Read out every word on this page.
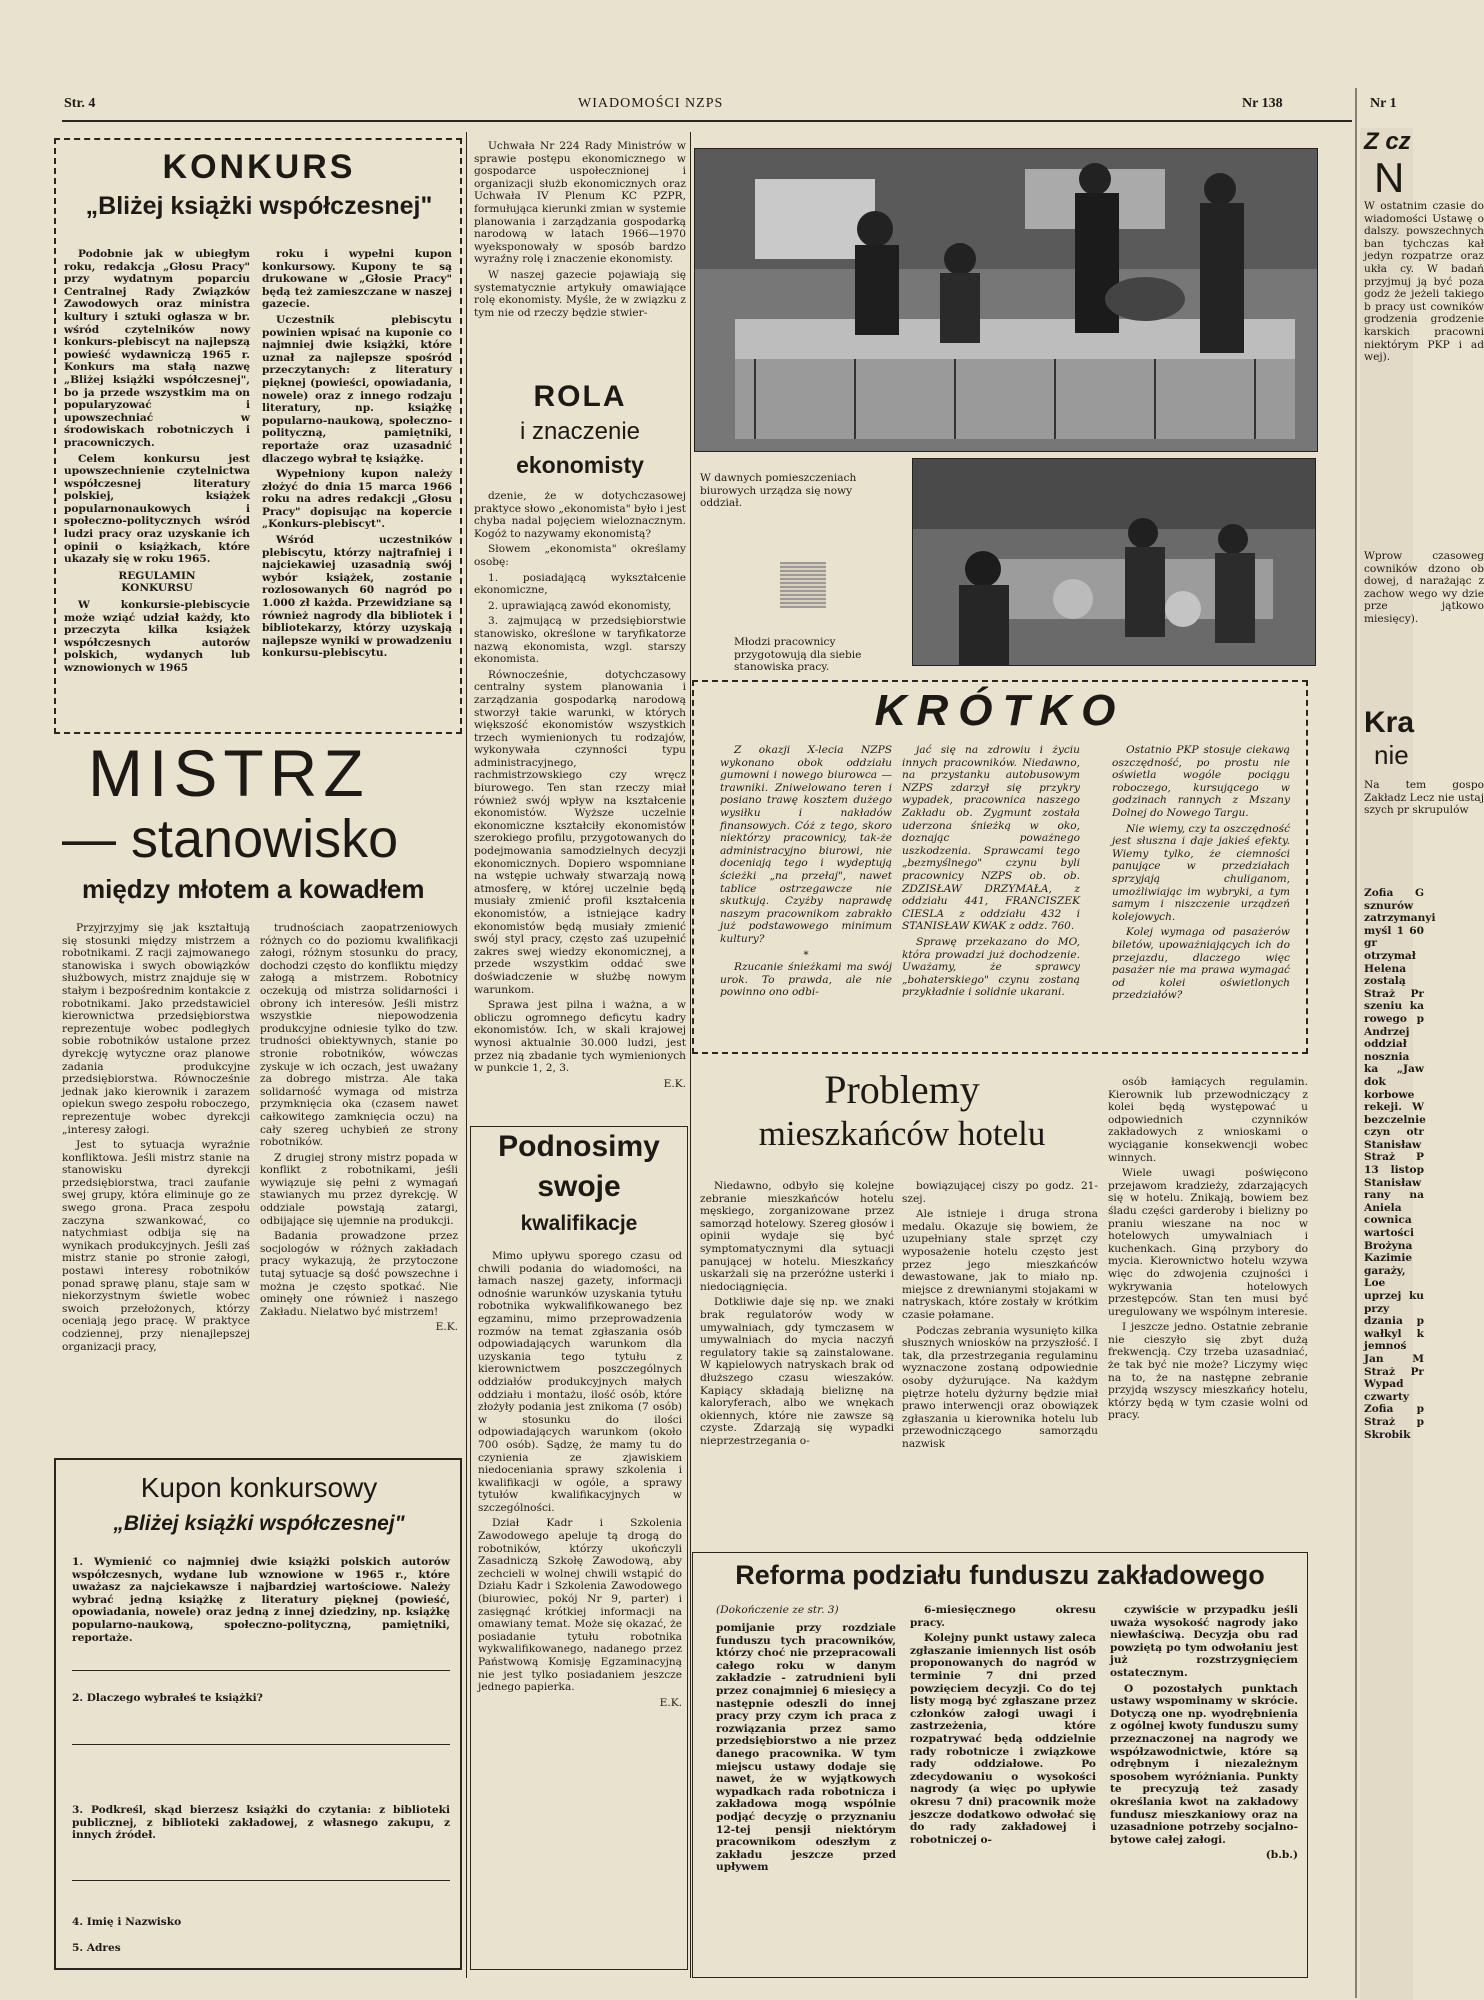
Str. 4	WIADOMOŚCI NZPS	Nr 138	Nr 1
KONKURS
„Bliżej książki współczesnej"

Podobnie jak w ubiegłym roku, redakcja „Głosu Pracy" przy wydatnym poparciu Centralnej Rady Związków Zawodowych oraz ministra kultury i sztuki ogłasza w br. wśród czytelników nowy konkurs-plebiscyt na najlepszą powieść wydawniczą 1965 r. Konkurs ma stałą nazwę „Bliżej książki współczesnej", bo ja przede wszystkim ma on popularyzować i upowszechniać w środowiskach robotniczych i pracowniczych.

Celem konkursu jest upowszechnienie czytelnictwa współczesnej literatury polskiej, książek popularnonaukowych i społeczno-politycznych wśród ludzi pracy oraz uzyskanie ich opinii o książkach, które ukazały się w roku 1965.

REGULAMIN KONKURSU

W konkursie-plebiscycie może wziąć udział każdy, kto przeczyta kilka książek współczesnych autorów polskich, wydanych lub wznowionych w 1965

roku i wypełni kupon konkursowy. Kupony te są drukowane w „Głosie Pracy" będą też zamieszczane w naszej gazecie.

Uczestnik plebiscytu powinien wpisać na kuponie co najmniej dwie książki, które uznał za najlepsze spośród przeczytanych: z literatury pięknej (powieści, opowiadania, nowele) oraz z innego rodzaju literatury, np. książkę popularno-naukową, społeczno-polityczną, pamiętniki, reportaże oraz uzasadnić dlaczego wybrał tę książkę.

Wypełniony kupon należy złożyć do dnia 15 marca 1966 roku na adres redakcji „Głosu Pracy" dopisując na kopercie „Konkurs-plebiscyt".

Wśród uczestników plebiscytu, którzy najtrafniej i najciekawiej uzasadnią swój wybór książek, zostanie rozlosowanych 60 nagród po 1.000 zł każda. Przewidziane są również nagrody dla bibliotek i bibliotekarzy, którzy uzyskają najlepsze wyniki w prowadzeniu konkursu-plebiscytu.

MISTRZ
— stanowisko
między młotem a kowadłem

Przyjrzyjmy się jak kształtują się stosunki między mistrzem a robotnikami. Z racji zajmowanego stanowiska i swych obowiązków służbowych, mistrz znajduje się w stałym i bezpośrednim kontakcie z robotnikami. Jako przedstawiciel kierownictwa przedsiębiorstwa reprezentuje wobec podległych sobie robotników ustalone przez dyrekcję wytyczne oraz planowe zadania produkcyjne przedsiębiorstwa. Równocześnie jednak jako kierownik i zarazem opiekun swego zespołu roboczego, reprezentuje wobec dyrekcji „interesy załogi.

Jest to sytuacja wyraźnie konfliktowa. Jeśli mistrz stanie na stanowisku dyrekcji przedsiębiorstwa, traci zaufanie swej grupy, która eliminuje go ze swego grona. Praca zespołu zaczyna szwankować, co natychmiast odbija się na wynikach produkcyjnych. Jeśli zaś mistrz stanie po stronie załogi, postawi interesy robotników ponad sprawę planu, staje sam w niekorzystnym świetle wobec swoich przełożonych, którzy oceniają jego pracę. W praktyce codziennej, przy nienajlepszej organizacji pracy,

trudnościach zaopatrzeniowych różnych co do poziomu kwalifikacji załogi, różnym stosunku do pracy, dochodzi często do konfliktu między załogą a mistrzem. Robotnicy oczekują od mistrza solidarności i obrony ich interesów. Jeśli mistrz wszystkie niepowodzenia produkcyjne odniesie tylko do tzw. trudności obiektywnych, stanie po stronie robotników, wówczas zyskuje w ich oczach, jest uważany za dobrego mistrza. Ale taka solidarność wymaga od mistrza przymknięcia oka (czasem nawet całkowitego zamknięcia oczu) na cały szereg uchybień ze strony robotników.

Z drugiej strony mistrz popada w konflikt z robotnikami, jeśli wywiązuje się pełni z wymagań stawianych mu przez dyrekcję. W oddziale powstają zatargi, odbijające się ujemnie na produkcji.

Badania prowadzone przez socjologów w różnych zakładach pracy wykazują, że przytoczone tutaj sytuacje są dość powszechne i można je często spotkać. Nie ominęły one również i naszego Zakładu. Nielatwo być mistrzem!

E.K.
Kupon konkursowy
„Bliżej książki współczesnej"
1. Wymienić co najmniej dwie książki polskich autorów współczesnych, wydane lub wznowione w 1965 r., które uważasz za najciekawsze i najbardziej wartościowe. Należy wybrać jedną książkę z literatury pięknej (powieść, opowiadania, nowele) oraz jedną z innej dziedziny, np. książkę popularno-naukową, społeczno-polityczną, pamiętniki, reportaże.
2. Dlaczego wybrałeś te książki?
3. Podkreśl, skąd bierzesz książki do czytania: z biblioteki publicznej, z biblioteki zakładowej, z własnego zakupu, z innych źródeł.
4. Imię i Nazwisko
5. Adres

Uchwała Nr 224 Rady Ministrów w sprawie postępu ekonomicznego w gospodarce uspołecznionej i organizacji służb ekonomicznych oraz Uchwała IV Plenum KC PZPR, formułująca kierunki zmian w systemie planowania i zarządzania gospodarką narodową w latach 1966—1970 wyeksponowały w sposób bardzo wyraźny rolę i znaczenie ekonomisty.

W naszej gazecie pojawiają się systematycznie artykuły omawiające rolę ekonomisty. Myśle, że w związku z tym nie od rzeczy będzie stwier-

ROLA
i znaczenie
ekonomisty

dzenie, że w dotychczasowej praktyce słowo „ekonomista" było i jest chyba nadal pojęciem wieloznacznym. Kogóż to nazywamy ekonomistą?

Słowem „ekonomista" określamy osobę:

1. posiadającą wykształcenie ekonomiczne,

2. uprawiającą zawód ekonomisty,

3. zajmującą w przedsiębiorstwie stanowisko, określone w taryfikatorze nazwą ekonomista, wzgl. starszy ekonomista.

Równocześnie, dotychczasowy centralny system planowania i zarządzania gospodarką narodową stworzył takie warunki, w których większość ekonomistów wszystkich trzech wymienionych tu rodzajów, wykonywała czynności typu administracyjnego, rachmistrzowskiego czy wręcz biurowego. Ten stan rzeczy miał również swój wpływ na kształcenie ekonomistów. Wyższe uczelnie ekonomiczne kształciły ekonomistów szerokiego profilu, przygotowanych do podejmowania samodzielnych decyzji ekonomicznych. Dopiero wspomniane na wstępie uchwały stwarzają nową atmosferę, w której uczelnie będą musiały zmienić profil kształcenia ekonomistów, a istniejące kadry ekonomistów będą musiały zmienić swój styl pracy, często zaś uzupełnić zakres swej wiedzy ekonomicznej, a przede wszystkim oddać swe doświadczenie w służbę nowym warunkom.

Sprawa jest pilna i ważna, a w obliczu ogromnego deficytu kadry ekonomistów. Ich, w skali krajowej wynosi aktualnie 30.000 ludzi, jest przez nią zbadanie tych wymienionych w punkcie 1, 2, 3.

E.K.
Podnosimy
swoje
kwalifikacje

Mimo upływu sporego czasu od chwili podania do wiadomości, na łamach naszej gazety, informacji odnośnie warunków uzyskania tytułu robotnika wykwalifikowanego bez egzaminu, mimo przeprowadzenia rozmów na temat zgłaszania osób odpowiadających warunkom dla uzyskania tego tytułu z kierownictwem poszczególnych oddziałów produkcyjnych małych oddziału i montażu, ilość osób, które złożyły podania jest znikoma (7 osób) w stosunku do ilości odpowiadających warunkom (około 700 osób). Sądzę, że mamy tu do czynienia ze zjawiskiem niedoceniania sprawy szkolenia i kwalifikacji w ogóle, a sprawy tytułów kwalifikacyjnych w szczególności.

Dział Kadr i Szkolenia Zawodowego apeluje tą drogą do robotników, którzy ukończyli Zasadniczą Szkołę Zawodową, aby zechcieli w wolnej chwili wstąpić do Działu Kadr i Szkolenia Zawodowego (biurowiec, pokój Nr 9, parter) i zasięgnąć krótkiej informacji na omawiany temat. Może się okazać, że posiadanie tytułu robotnika wykwalifikowanego, nadanego przez Państwową Komisję Egzaminacyjną nie jest tylko posiadaniem jeszcze jednego papierka.

E.K.
W dawnych pomieszczeniach biurowych urządza się nowy oddział.
Młodzi pracownicy przygotowują dla siebie stanowiska pracy.
KRÓTKO

Z okazji X-lecia NZPS wykonano obok oddziału gumowni i nowego biurowca — trawniki. Zniwelowano teren i posiano trawę kosztem dużego wysiłku i nakładów finansowych. Cóż z tego, skoro niektórzy pracownicy, tak-że administracyjno biurowi, nie doceniają tego i wydeptują ścieżki „na przełaj", nawet tablice ostrzegawcze nie skutkują. Czyżby naprawdę naszym pracownikom zabrakło już podstawowego minimum kultury?

*

Rzucanie śnieżkami ma swój urok. To prawda, ale nie powinno ono odbi-

jać się na zdrowiu i życiu innych pracowników. Niedawno, na przystanku autobusowym NZPS zdarzył się przykry wypadek, pracownica naszego Zakładu ob. Zygmunt została uderzona śnieżką w oko, doznając poważnego uszkodzenia. Sprawcami tego „bezmyślnego" czynu byli pracownicy NZPS ob. ob. ZDZISŁAW DRZYMAŁA, z oddziału 441, FRANCISZEK CIESLA z oddziału 432 i STANISŁAW KWAK z oddz. 760.

Sprawę przekazano do MO, która prowadzi już dochodzenie. Uważamy, że sprawcy „bohaterskiego" czynu zostaną przykładnie i solidnie ukarani.

Ostatnio PKP stosuje ciekawą oszczędność, po prostu nie oświetla wogóle pociągu roboczego, kursującego w godzinach rannych z Mszany Dolnej do Nowego Targu.

Nie wiemy, czy ta oszczędność jest słuszna i daje jakieś efekty. Wiemy tylko, że ciemności panujące w przedziałach sprzyjają chuliganom, umożliwiając im wybryki, a tym samym i niszczenie urządzeń kolejowych.

Kolej wymaga od pasażerów biletów, upoważniających ich do przejazdu, dlaczego więc pasażer nie ma prawa wymagać od kolei oświetlonych przedziałów?

Problemy
mieszkańców hotelu

Niedawno, odbyło się kolejne zebranie mieszkańców hotelu męskiego, zorganizowane przez samorząd hotelowy. Szereg głosów i opinii wydaje się być symptomatycznymi dla sytuacji panującej w hotelu. Mieszkańcy uskarżali się na przeróżne usterki i niedociągnięcia.

Dotkliwie daje się np. we znaki brak regulatorów wody w umywalniach, gdy tymczasem w umywalniach do mycia naczyń regulatory takie są zainstalowane. W kąpielowych natryskach brak od dłuższego czasu wieszaków. Kapiący składają bieliznę na kaloryferach, albo we wnękach okiennych, które nie zawsze są czyste. Zdarzają się wypadki nieprzestrzegania o-

bowiązującej ciszy po godz. 21-szej.

Ale istnieje i druga strona medalu. Okazuje się bowiem, że uzupełniany stale sprzęt czy wyposażenie hotelu często jest przez jego mieszkańców dewastowane, jak to miało np. miejsce z drewnianymi stojakami w natryskach, które zostały w krótkim czasie połamane.

Podczas zebrania wysunięto kilka słusznych wniosków na przyszłość. I tak, dla przestrzegania regulaminu wyznaczone zostaną odpowiednie osoby dyżurujące. Na każdym piętrze hotelu dyżurny będzie miał prawo interwencji oraz obowiązek zgłaszania u kierownika hotelu lub przewodniczącego samorządu nazwisk

osób łamiących regulamin. Kierownik lub przewodniczący z kolei będą występować u odpowiednich czynników zakładowych z wnioskami o wyciąganie konsekwencji wobec winnych.

Wiele uwagi poświęcono przejawom kradzieży, zdarzających się w hotelu. Znikają, bowiem bez śladu części garderoby i bielizny po praniu wieszane na noc w hotelowych umywalniach i kuchenkach. Giną przybory do mycia. Kierownictwo hotelu wzywa więc do zdwojenia czujności i wykrywania hotelowych przestępców. Stan ten musi być uregulowany we wspólnym interesie.

I jeszcze jedno. Ostatnie zebranie nie cieszyło się zbyt dużą frekwencją. Czy trzeba uzasadniać, że tak być nie może? Liczymy więc na to, że na następne zebranie przyjdą wszyscy mieszkańcy hotelu, którzy będą w tym czasie wolni od pracy.

Reforma podziału funduszu zakładowego
(Dokończenie ze str. 3)
pomijanie przy rozdziale funduszu tych pracowników, którzy choć nie przepracowali całego roku w danym zakładzie - zatrudnieni byli przez conajmniej 6 miesięcy a następnie odeszli do innej pracy przy czym ich praca z rozwiązania przez samo przedsiębiorstwo a nie przez danego pracownika. W tym miejscu ustawy dodaje się nawet, że w wyjątkowych wypadkach rada robotnicza i zakładowa mogą wspólnie podjąć decyzję o przyznaniu 12-tej pensji niektórym pracownikom odeszłym z zakładu jeszcze przed upływem

6-miesięcznego okresu pracy.

Kolejny punkt ustawy zaleca zgłaszanie imiennych list osób proponowanych do nagród w terminie 7 dni przed powzięciem decyzji. Co do tej listy mogą być zgłaszane przez członków załogi uwagi i zastrzeżenia, które rozpatrywać będą oddzielnie rady robotnicze i związkowe rady oddziałowe. Po zdecydowaniu o wysokości nagrody (a więc po upływie okresu 7 dni) pracownik może jeszcze dodatkowo odwołać się do rady zakładowej i robotniczej o-

czywiście w przypadku jeśli uważa wysokość nagrody jako niewłaściwą. Decyzja obu rad powziętą po tym odwołaniu jest już rozstrzygnięciem ostatecznym.

O pozostałych punktach ustawy wspominamy w skrócie. Dotyczą one np. wyodrębnienia z ogólnej kwoty funduszu sumy przeznaczonej na nagrody we współzawodnictwie, które są odrębnym i niezależnym sposobem wyróżniania. Punkty te precyzują też zasady określania kwot na zakładowy fundusz mieszkaniowy oraz na uzasadnione potrzeby socjalno-bytowe całej załogi.

(b.b.)
Z cz
N
W ostatnim czasie do wiadomości Ustawę o dalszy. powszechnych ban tychczas kał jedyn rozpatrze oraz ukła cy. W badań przyjmuj ją być poza godz że jeżeli takiego b pracy ust cowników grodzenia grodzenie karskich pracowni niektórym PKP i ad wej).
Wprow czasoweg cowników dzono ob dowej, d narażając z zachow wego wy dzie prze jątkowo miesięcy).
Kra
nie
Na tem gospo Zakładz Lecz nie ustaj szych pr skrupulów
Zofia G sznurów zatrzymanyi myśl 1 60 gr otrzymał Helena zostalą Straż Pr szeniu ka rowego p Andrzej oddział nosznia ka „Jaw dok korbowe rekeji. W bezczelnie czyn otr Stanisław Straż P 13 listop Stanisław rany na Aniela cownica wartości Brożyna Kazimie garaży, Loe uprzej ku przy dzania p wałkyl k jemnoś Jan M Straż Pr Wypad czwarty Zofia p Straż p Skrobik
